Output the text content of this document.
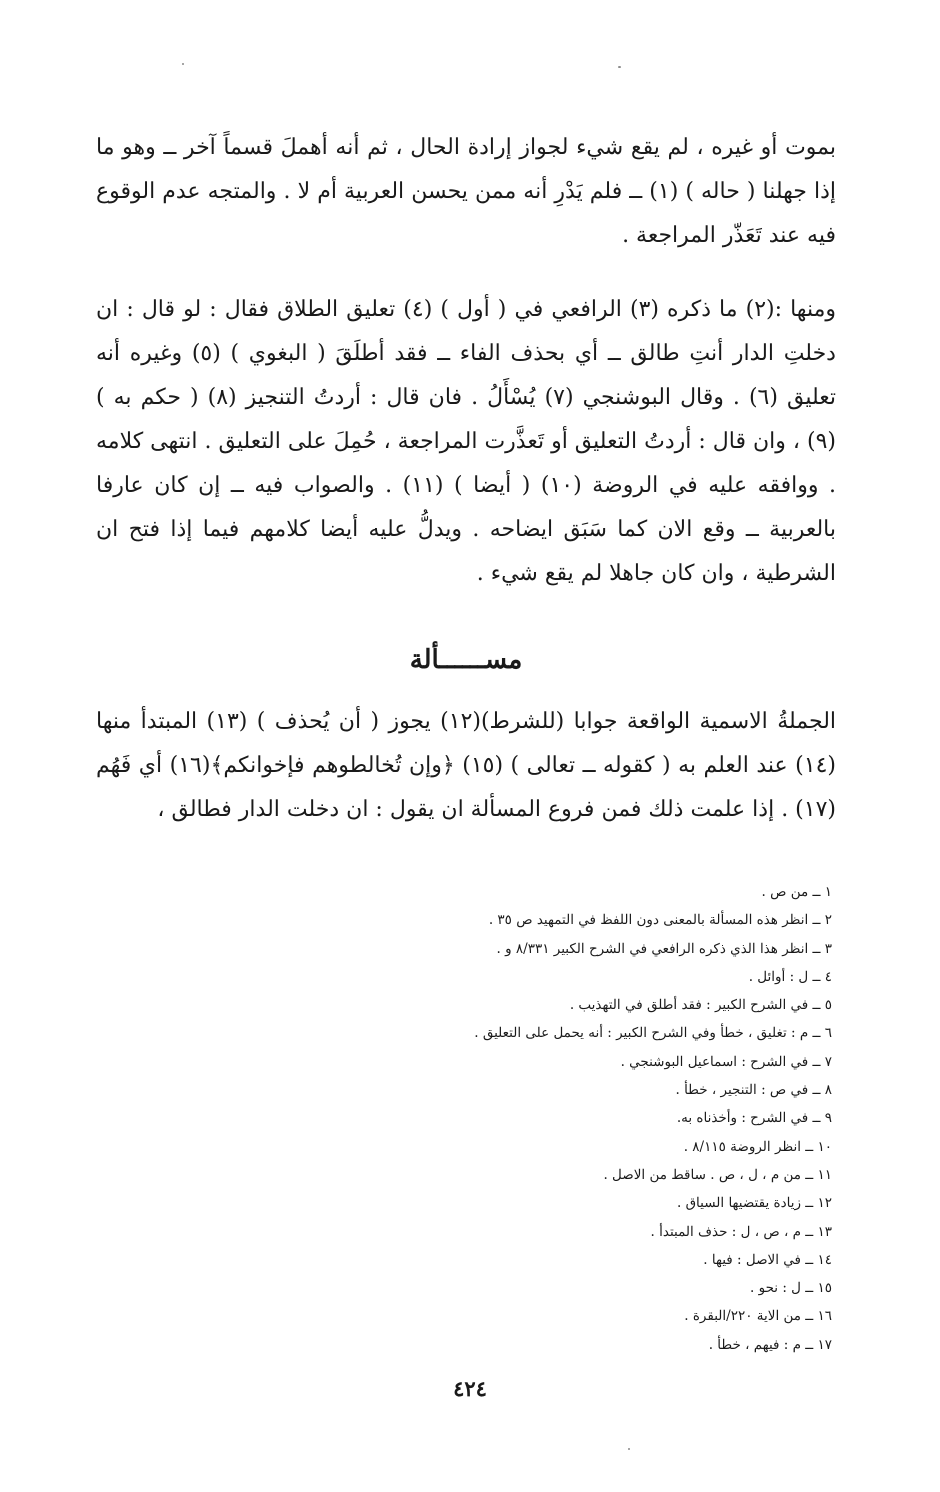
بموت أو غيره ، لم يقع شيء لجواز إرادة الحال ، ثم أنه أهملَ قسماً آخر ــ وهو ما إذا جهلنا ( حاله ) (١) ــ فلم يَدْرِ أنه ممن يحسن العربية أم لا . والمتجه عدم الوقوع فيه عند تَعَذّر المراجعة .

ومنها :(٢) ما ذكره (٣) الرافعي في ( أول ) (٤) تعليق الطلاق فقال : لو قال : ان دخلتِ الدار أنتِ طالق ــ أي بحذف الفاء ــ فقد أطلَقَ ( البغوي ) (٥) وغيره أنه تعليق (٦) . وقال البوشنجي (٧) يُسْأَلُ . فان قال : أردتُ التنجيز (٨) ( حكم به ) (٩) ، وان قال : أردتُ التعليق أو تَعذَّرت المراجعة ، حُمِلَ على التعليق . انتهى كلامه . ووافقه عليه في الروضة (١٠) ( أيضا ) (١١) . والصواب فيه ــ إن كان عارفا بالعربية ــ وقع الان كما سَبَق ايضاحه . ويدلُّ عليه أيضا كلامهم فيما إذا فتح ان الشرطية ، وان كان جاهلا لم يقع شيء .

مســــــألة

الجملةُ الاسمية الواقعة جوابا (للشرط)(١٢) يجوز ( أن يُحذف ) (١٣) المبتدأ منها (١٤) عند العلم به ( كقوله ــ تعالى ) (١٥) ﴿وإن تُخالطوهم فإخوانكم﴾(١٦) أي فَهُم (١٧) . إذا علمت ذلك فمن فروع المسألة ان يقول : ان دخلت الدار فطالق ،

١ ــ من ص .
٢ ــ انظر هذه المسألة بالمعنى دون اللفظ في التمهيد ص ٣٥ .
٣ ــ انظر هذا الذي ذكره الرافعي في الشرح الكبير ٨/٣٣١ و .
٤ ــ ل : أوائل .
٥ ــ في الشرح الكبير : فقد أطلق في التهذيب .
٦ ــ م : تغليق ، خطأ وفي الشرح الكبير : أنه يحمل على التعليق .
٧ ــ في الشرح : اسماعيل البوشنجي .
٨ ــ في ص : التنجير ، خطأ .
٩ ــ في الشرح : وأخذناه به.
١٠ ــ انظر الروضة ٨/١١٥ .
١١ ــ من م ، ل ، ص . ساقط من الاصل .
١٢ ــ زيادة يقتضيها السياق .
١٣ ــ م ، ص ، ل : حذف المبتدأ .
١٤ ــ في الاصل : فيها .
١٥ ــ ل : نحو .
١٦ ــ من الاية ٢٢٠/البقرة .
١٧ ــ م : فيهم ، خطأ .
٤٢٤
